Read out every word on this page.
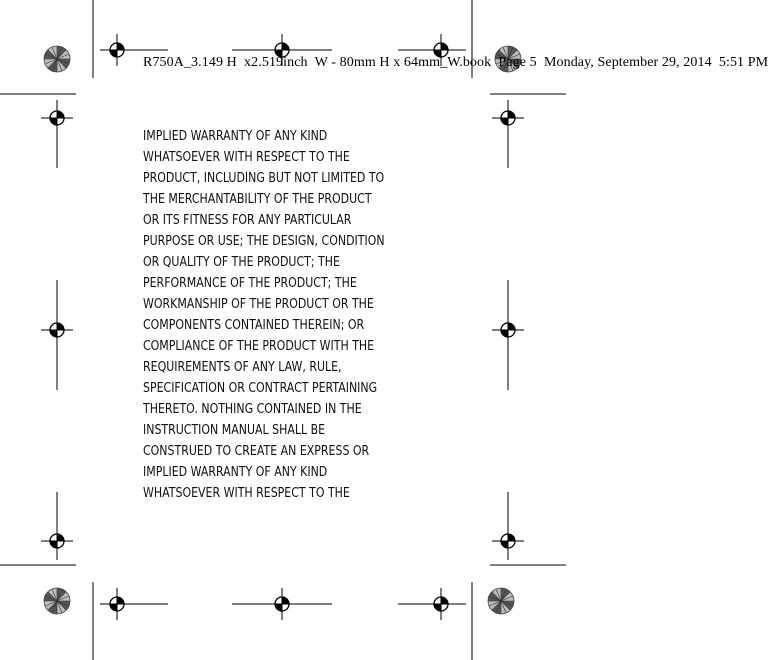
R750A_3.149 H  x2.519inch  W - 80mm H x 64mm_W.book  Page 5  Monday, September 29, 2014  5:51 PM
IMPLIED WARRANTY OF ANY KIND
WHATSOEVER WITH RESPECT TO THE
PRODUCT, INCLUDING BUT NOT LIMITED TO
THE MERCHANTABILITY OF THE PRODUCT
OR ITS FITNESS FOR ANY PARTICULAR
PURPOSE OR USE; THE DESIGN, CONDITION
OR QUALITY OF THE PRODUCT; THE
PERFORMANCE OF THE PRODUCT; THE
WORKMANSHIP OF THE PRODUCT OR THE
COMPONENTS CONTAINED THEREIN; OR
COMPLIANCE OF THE PRODUCT WITH THE
REQUIREMENTS OF ANY LAW, RULE,
SPECIFICATION OR CONTRACT PERTAINING
THERETO. NOTHING CONTAINED IN THE
INSTRUCTION MANUAL SHALL BE
CONSTRUED TO CREATE AN EXPRESS OR
IMPLIED WARRANTY OF ANY KIND
WHATSOEVER WITH RESPECT TO THE
